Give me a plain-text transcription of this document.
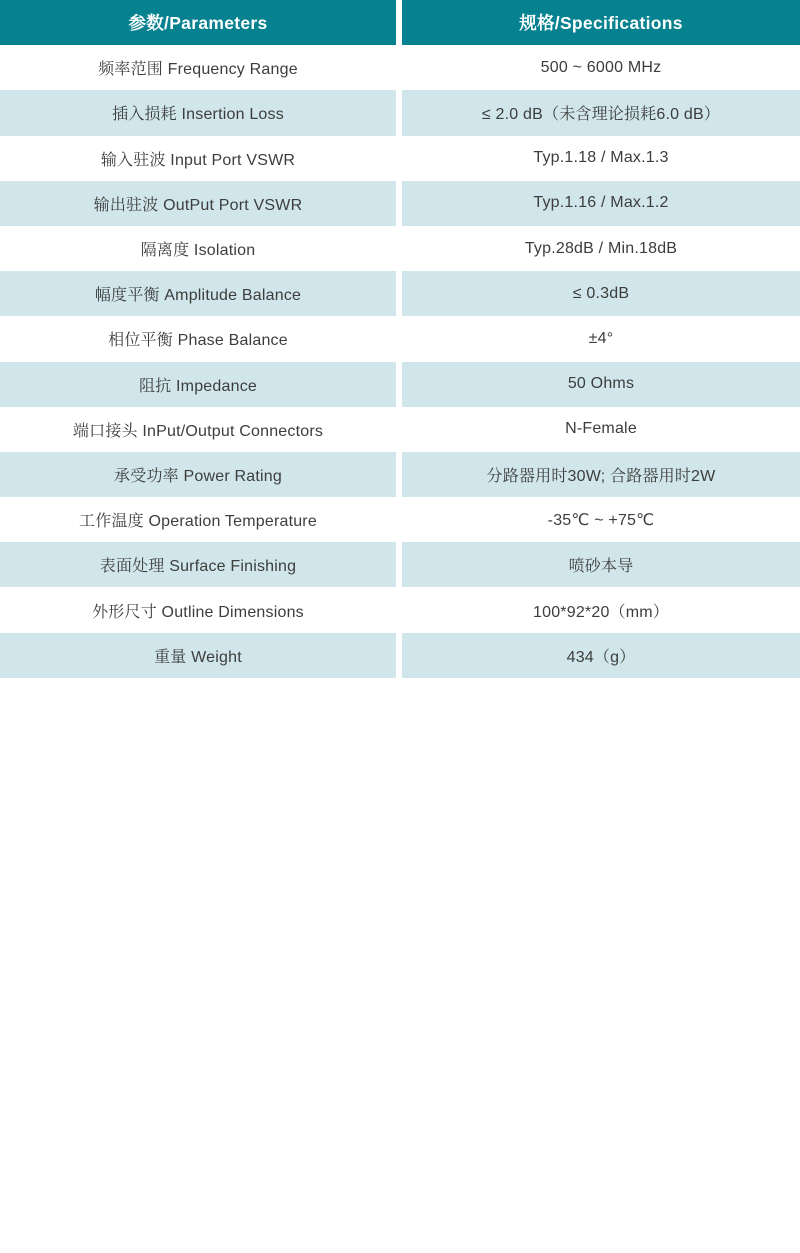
参数/Parameters	规格/Specifications
频率范围 Frequency Range	500 ~ 6000 MHz
插入损耗 Insertion Loss	≤ 2.0 dB（未含理论损耗6.0 dB）
输入驻波 Input Port VSWR	Typ.1.18 / Max.1.3
输出驻波 OutPut Port VSWR	Typ.1.16 / Max.1.2
隔离度 Isolation	Typ.28dB / Min.18dB
幅度平衡 Amplitude Balance	≤ 0.3dB
相位平衡 Phase Balance	±4°
阻抗 Impedance	50 Ohms
端口接头 InPut/Output Connectors	N-Female
承受功率 Power Rating	分路器用时30W; 合路器用时2W
工作温度 Operation Temperature	-35℃ ~ +75℃
表面处理 Surface Finishing	喷砂本导
外形尺寸 Outline Dimensions	100*92*20（mm）
重量 Weight	434（g）
